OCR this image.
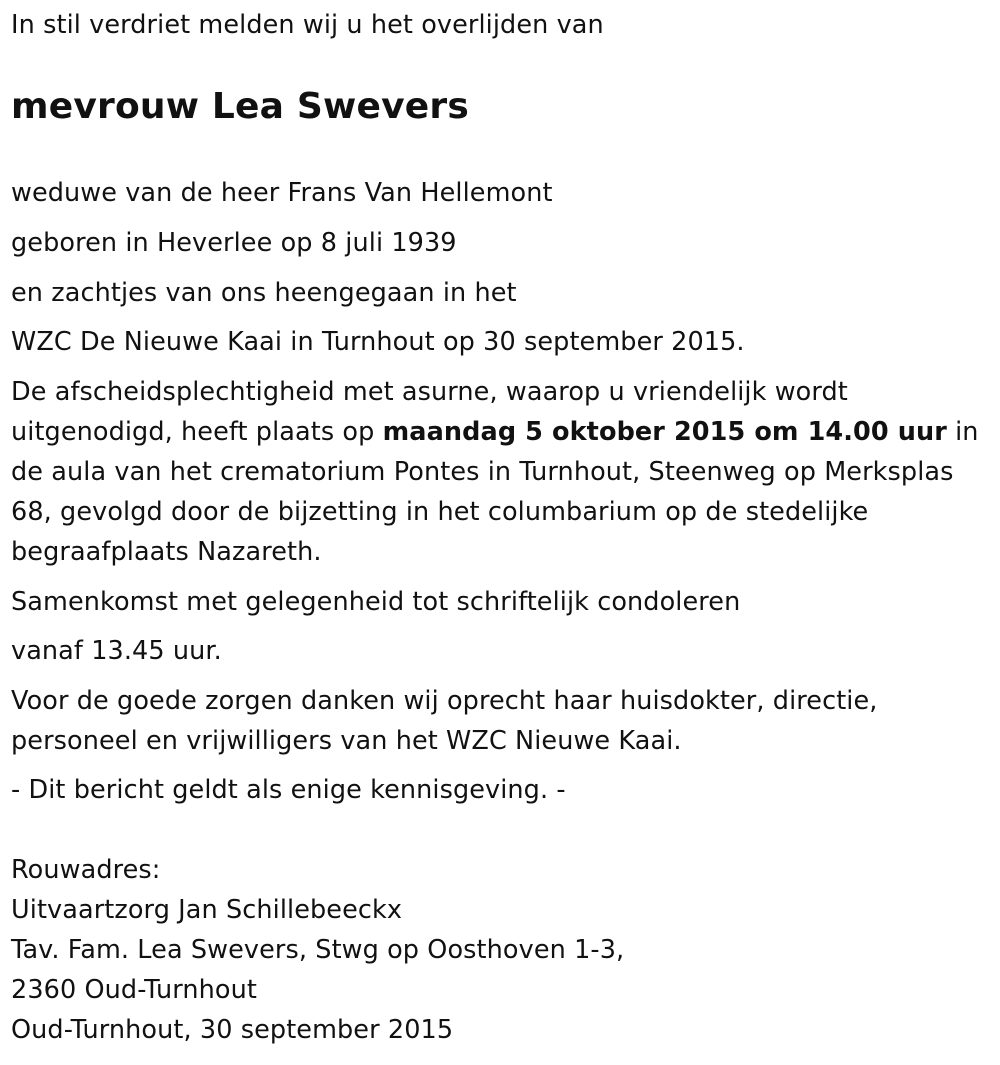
In stil verdriet melden wij u het overlijden van
mevrouw Lea Swevers
weduwe van de heer Frans Van Hellemont
geboren in Heverlee op 8 juli 1939
en zachtjes van ons heengegaan in het
WZC De Nieuwe Kaai in Turnhout op 30 september 2015.
De afscheidsplechtigheid met asurne, waarop u vriendelijk wordt uitgenodigd, heeft plaats op maandag 5 oktober 2015 om 14.00 uur in de aula van het crematorium Pontes in Turnhout, Steenweg op Merksplas 68, gevolgd door de bijzetting in het columbarium op de stedelijke begraafplaats Nazareth.
Samenkomst met gelegenheid tot schriftelijk condoleren
vanaf 13.45 uur.
Voor de goede zorgen danken wij oprecht haar huisdokter, directie, personeel en vrijwilligers van het WZC Nieuwe Kaai.
- Dit bericht geldt als enige kennisgeving. -
Rouwadres:
Uitvaartzorg Jan Schillebeeckx
Tav. Fam. Lea Swevers, Stwg op Oosthoven 1-3,
2360 Oud-Turnhout
Oud-Turnhout, 30 september 2015
